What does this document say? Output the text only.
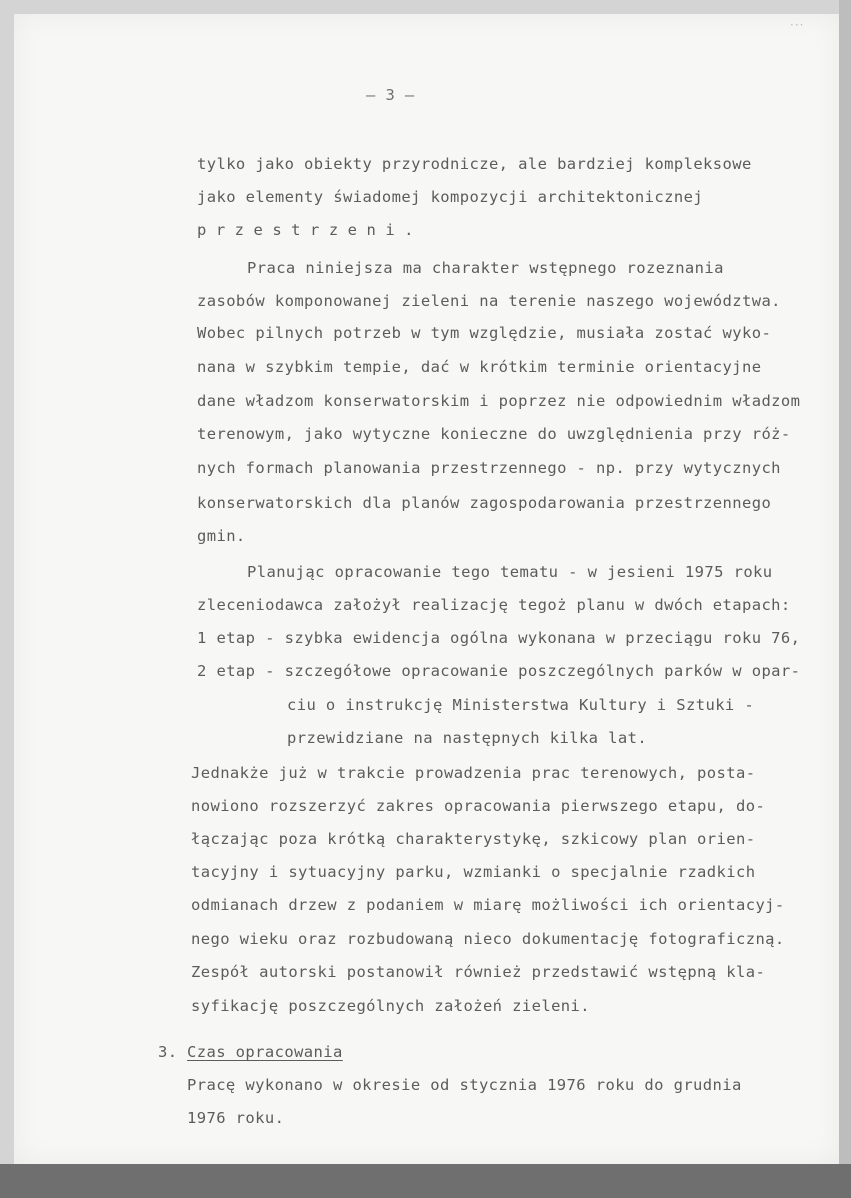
‧‧‧
— 3 —
tylko jako obiekty przyrodnicze, ale bardziej kompleksowe
jako elementy świadomej kompozycji architektonicznej
przestrzeni.
Praca niniejsza ma charakter wstępnego rozeznania
zasobów komponowanej zieleni na terenie naszego województwa.
Wobec pilnych potrzeb w tym względzie, musiała zostać wyko-
nana w szybkim tempie, dać w krótkim terminie orientacyjne
dane władzom konserwatorskim i poprzez nie odpowiednim władzom
terenowym, jako wytyczne konieczne do uwzględnienia przy róż-
nych formach planowania przestrzennego - np. przy wytycznych
konserwatorskich dla planów zagospodarowania przestrzennego
gmin.
Planując opracowanie tego tematu - w jesieni 1975 roku
zleceniodawca założył realizację tegoż planu w dwóch etapach:
1 etap - szybka ewidencja ogólna wykonana w przeciągu roku 76,
2 etap - szczegółowe opracowanie poszczególnych parków w opar-
ciu o instrukcję Ministerstwa Kultury i Sztuki -
przewidziane na następnych kilka lat.
Jednakże już w trakcie prowadzenia prac terenowych, posta-
nowiono rozszerzyć zakres opracowania pierwszego etapu, do-
łączając poza krótką charakterystykę, szkicowy plan orien-
tacyjny i sytuacyjny parku, wzmianki o specjalnie rzadkich
odmianach drzew z podaniem w miarę możliwości ich orientacyj-
nego wieku oraz rozbudowaną nieco dokumentację fotograficzną.
Zespół autorski postanowił również przedstawić wstępną kla-
syfikację poszczególnych założeń zieleni.
3. Czas opracowania
Pracę wykonano w okresie od stycznia 1976 roku do grudnia
1976 roku.
